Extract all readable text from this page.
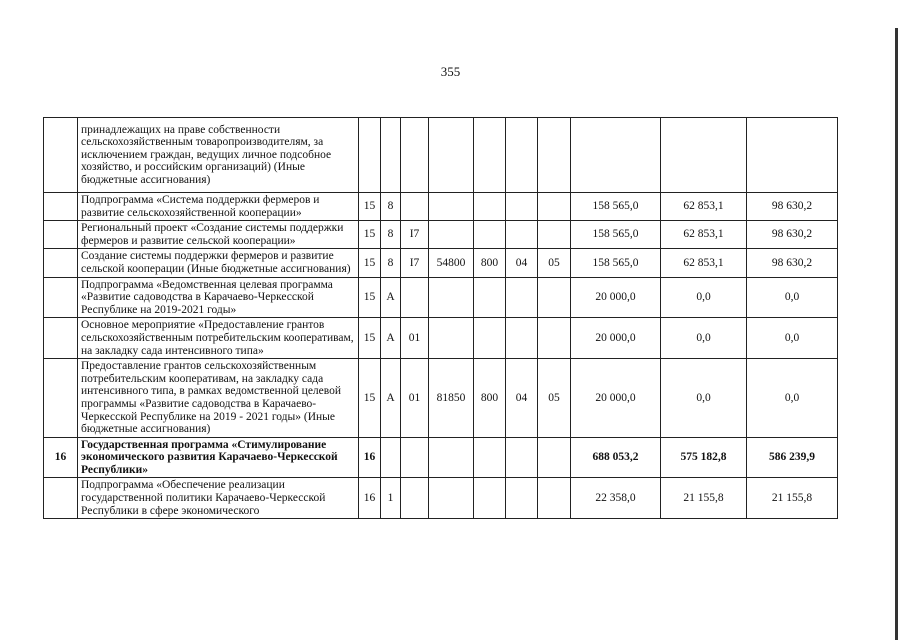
355
	принадлежащих на праве собственности сельскохозяйственным товаропроизводителям, за исключением граждан, ведущих личное подсобное хозяйство, и российским организаций) (Иные бюджетные ассигнования)										
	Подпрограмма «Система поддержки фермеров и развитие сельскохозяйственной кооперации»	15	8						158 565,0	62 853,1	98 630,2
	Региональный проект «Создание системы поддержки фермеров и развитие сельской кооперации»	15	8	I7					158 565,0	62 853,1	98 630,2
	Создание системы поддержки фермеров и развитие сельской кооперации (Иные бюджетные ассигнования)	15	8	I7	54800	800	04	05	158 565,0	62 853,1	98 630,2
	Подпрограмма «Ведомственная целевая программа «Развитие садоводства в Карачаево-Черкесской Республике на 2019-2021 годы»	15	А						20 000,0	0,0	0,0
	Основное мероприятие «Предоставление грантов сельскохозяйственным потребительским кооперативам, на закладку сада интенсивного типа»	15	А	01					20 000,0	0,0	0,0
	Предоставление грантов сельскохозяйственным потребительским кооперативам, на закладку сада интенсивного типа, в рамках ведомственной целевой программы «Развитие садоводства в Карачаево-Черкесской Республике на 2019 - 2021 годы» (Иные бюджетные ассигнования)	15	А	01	81850	800	04	05	20 000,0	0,0	0,0
16	Государственная программа «Стимулирование экономического развития Карачаево-Черкесской Республики»	16							688 053,2	575 182,8	586 239,9
	Подпрограмма «Обеспечение реализации государственной политики Карачаево-Черкесской Республики в сфере экономического	16	1						22 358,0	21 155,8	21 155,8
